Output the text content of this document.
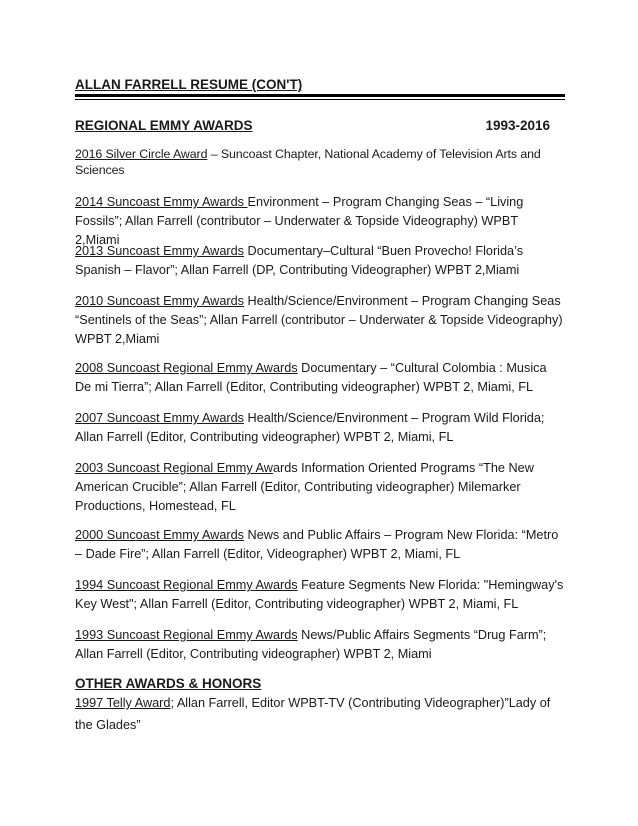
ALLAN FARRELL RESUME (CON'T)
REGIONAL EMMY AWARDS	1993-2016
2016 Silver Circle Award – Suncoast Chapter, National Academy of Television Arts and Sciences
2014 Suncoast Emmy Awards Environment – Program Changing Seas – “Living Fossils”; Allan Farrell (contributor – Underwater & Topside Videography) WPBT 2,Miami
2013 Suncoast Emmy Awards Documentary–Cultural “Buen Provecho! Florida’s Spanish – Flavor”; Allan Farrell (DP, Contributing Videographer) WPBT 2,Miami
2010 Suncoast Emmy Awards Health/Science/Environment – Program Changing Seas “Sentinels of the Seas”; Allan Farrell (contributor – Underwater & Topside Videography) WPBT 2,Miami
2008 Suncoast Regional Emmy Awards Documentary – “Cultural Colombia : Musica De mi Tierra”; Allan Farrell (Editor, Contributing videographer) WPBT 2, Miami, FL
2007 Suncoast Emmy Awards Health/Science/Environment – Program Wild Florida; Allan Farrell (Editor, Contributing videographer) WPBT 2, Miami, FL
2003 Suncoast Regional Emmy Awards Information Oriented Programs “The New American Crucible”; Allan Farrell (Editor, Contributing videographer) Milemarker Productions, Homestead, FL
2000 Suncoast Emmy Awards News and Public Affairs – Program New Florida: “Metro – Dade Fire”; Allan Farrell (Editor, Videographer) WPBT 2, Miami, FL
1994 Suncoast Regional Emmy Awards Feature Segments New Florida: "Hemingway's Key West"; Allan Farrell (Editor, Contributing videographer) WPBT 2, Miami, FL
1993 Suncoast Regional Emmy Awards News/Public Affairs Segments “Drug Farm”; Allan Farrell (Editor, Contributing videographer) WPBT 2, Miami
OTHER AWARDS & HONORS
1997 Telly Award; Allan Farrell, Editor WPBT-TV (Contributing Videographer)”Lady of the Glades”
